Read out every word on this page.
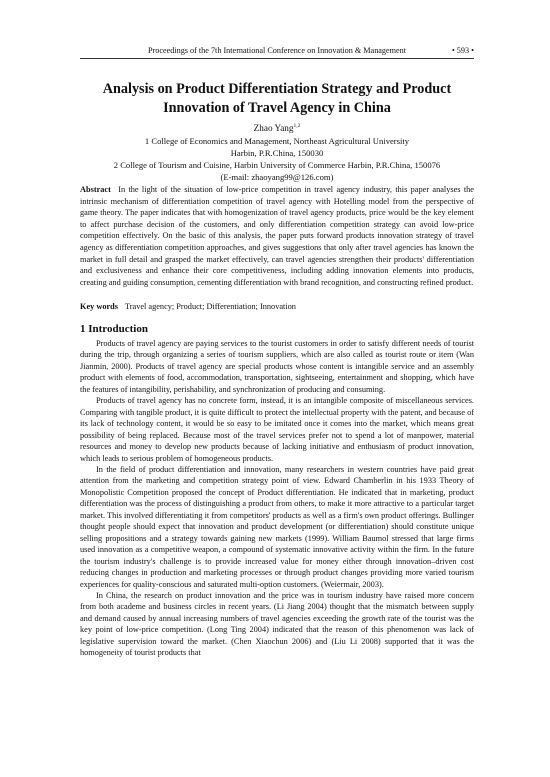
Proceedings of the 7th International Conference on Innovation & Management	• 593 •
Analysis on Product Differentiation Strategy and Product Innovation of Travel Agency in China
Zhao Yang$^{1,2}$
1 College of Economics and Management, Northeast Agricultural University
Harbin, P.R.China, 150030
2 College of Tourism and Cuisine, Harbin University of Commerce Harbin, P.R.China, 150076
(E-mail: zhaoyang99@126.com)
Abstract In the light of the situation of low-price competition in travel agency industry, this paper analyses the intrinsic mechanism of differentiation competition of travel agency with Hotelling model from the perspective of game theory. The paper indicates that with homogenization of travel agency products, price would be the key element to affect purchase decision of the customers, and only differentiation competition strategy can avoid low-price competition effectively. On the basic of this analysis, the paper puts forward products innovation strategy of travel agency as differentiation competition approaches, and gives suggestions that only after travel agencies has known the market in full detail and grasped the market effectively, can travel agencies strengthen their products' differentiation and exclusiveness and enhance their core competitiveness, including adding innovation elements into products, creating and guiding consumption, cementing differentiation with brand recognition, and constructing refined product.
Key words Travel agency; Product; Differentiation; Innovation
1 Introduction

Products of travel agency are paying services to the tourist customers in order to satisfy different needs of tourist during the trip, through organizing a series of tourism suppliers, which are also called as tourist route or item (Wan Jianmin, 2000). Products of travel agency are special products whose content is intangible service and an assembly product with elements of food, accommodation, transportation, sightseeing, entertainment and shopping, which have the features of intangibility, perishability, and synchronization of producing and consuming.

Products of travel agency has no concrete form, instead, it is an intangible composite of miscellaneous services. Comparing with tangible product, it is quite difficult to protect the intellectual property with the patent, and because of its lack of technology content, it would be so easy to be imitated once it comes into the market, which means great possibility of being replaced. Because most of the travel services prefer not to spend a lot of manpower, material resources and money to develop new products because of lacking initiative and enthusiasm of product innovation, which leads to serious problem of homogeneous products.

In the field of product differentiation and innovation, many researchers in western countries have paid great attention from the marketing and competition strategy point of view. Edward Chamberlin in his 1933 Theory of Monopolistic Competition proposed the concept of Product differentiation. He indicated that in marketing, product differentiation was the process of distinguishing a product from others, to make it more attractive to a particular target market. This involved differentiating it from competitors' products as well as a firm's own product offerings. Bullinger thought people should expect that innovation and product development (or differentiation) should constitute unique selling propositions and a strategy towards gaining new markets (1999). William Baumol stressed that large firms used innovation as a competitive weapon, a compound of systematic innovative activity within the firm. In the future the tourism industry's challenge is to provide increased value for money either through innovation–driven cost reducing changes in production and marketing processes or through product changes providing more varied tourism experiences for quality-conscious and saturated multi-option customers. (Weiermair, 2003).

In China, the research on product innovation and the price was in tourism industry have raised more concern from both academe and business circles in recent years. (Li Jiang 2004) thought that the mismatch between supply and demand caused by annual increasing numbers of travel agencies exceeding the growth rate of the tourist was the key point of low-price competition. (Long Ting 2004) indicated that the reason of this phenomenon was lack of legislative supervision toward the market. (Chen Xiaochun 2006) and (Liu Li 2008) supported that it was the homogeneity of tourist products that
